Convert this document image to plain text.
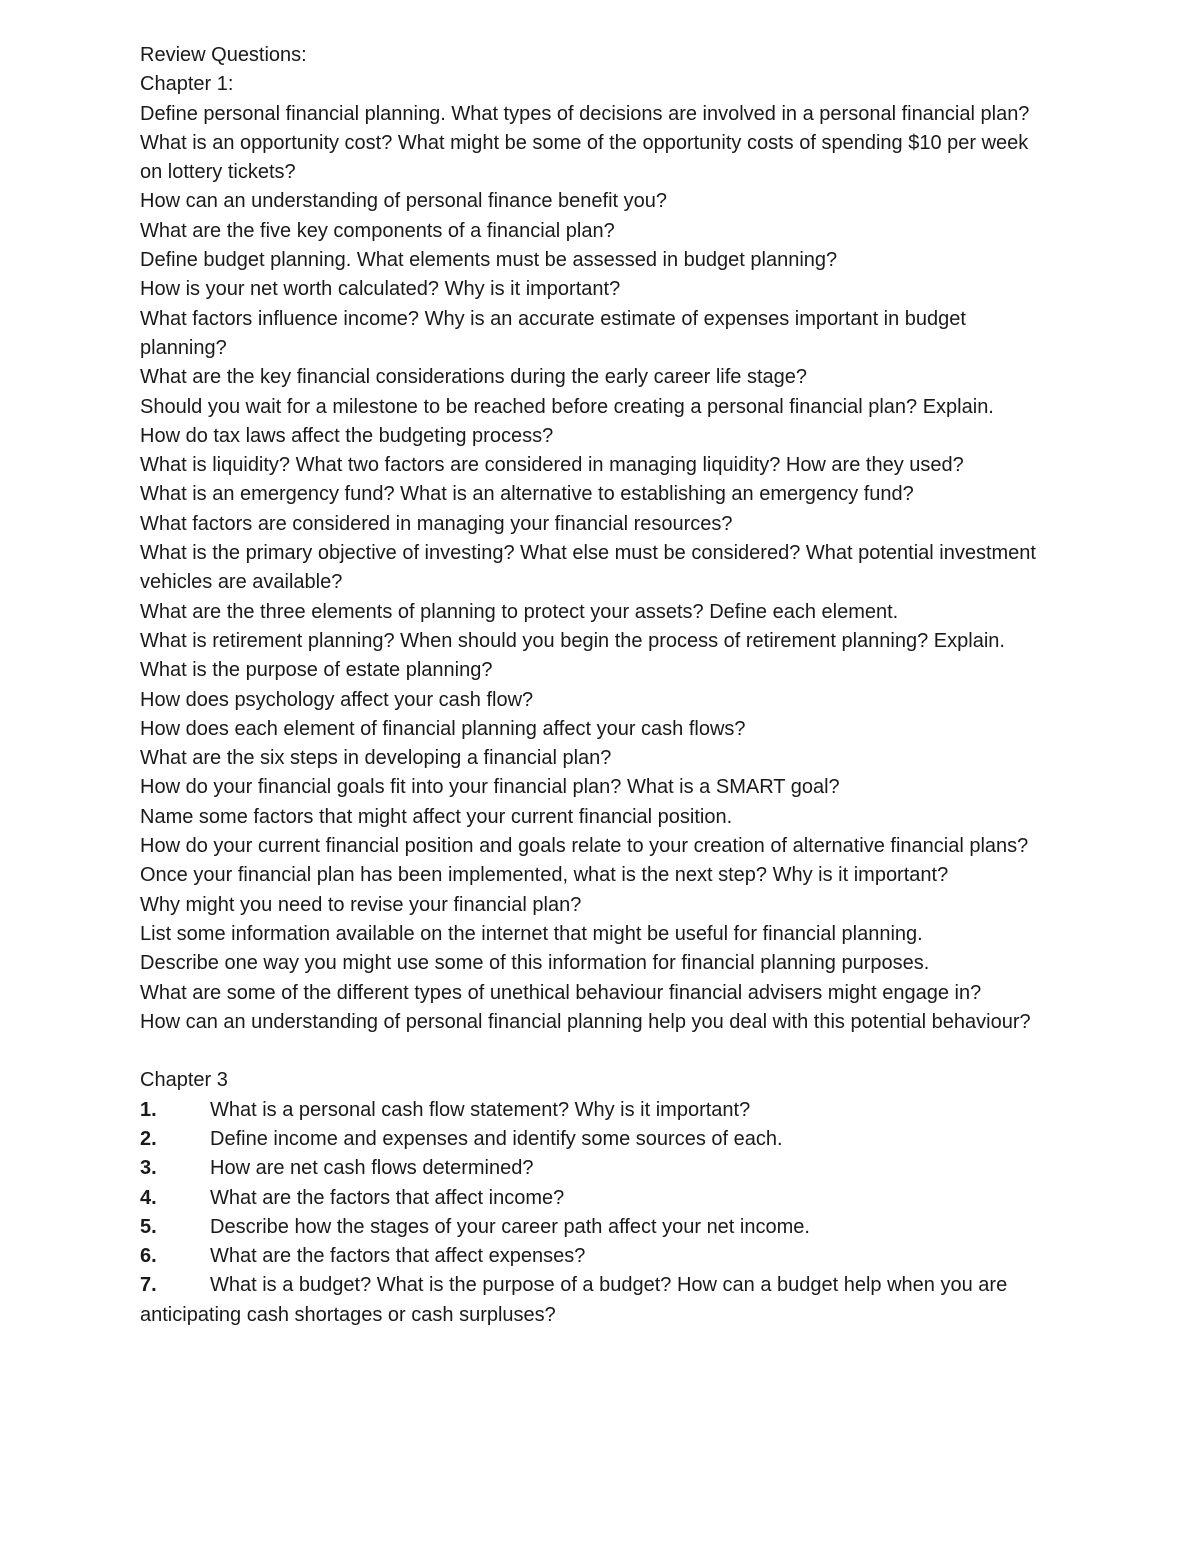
Review Questions:
Chapter 1:
Define personal financial planning. What types of decisions are involved in a personal financial plan?
What is an opportunity cost? What might be some of the opportunity costs of spending $10 per week on lottery tickets?
How can an understanding of personal finance benefit you?
What are the five key components of a financial plan?
Define budget planning. What elements must be assessed in budget planning?
How is your net worth calculated? Why is it important?
What factors influence income? Why is an accurate estimate of expenses important in budget planning?
What are the key financial considerations during the early career life stage?
Should you wait for a milestone to be reached before creating a personal financial plan? Explain.
How do tax laws affect the budgeting process?
What is liquidity? What two factors are considered in managing liquidity? How are they used?
What is an emergency fund? What is an alternative to establishing an emergency fund?
What factors are considered in managing your financial resources?
What is the primary objective of investing? What else must be considered? What potential investment vehicles are available?
What are the three elements of planning to protect your assets? Define each element.
What is retirement planning? When should you begin the process of retirement planning? Explain.
What is the purpose of estate planning?
How does psychology affect your cash flow?
How does each element of financial planning affect your cash flows?
What are the six steps in developing a financial plan?
How do your financial goals fit into your financial plan? What is a SMART goal?
Name some factors that might affect your current financial position.
How do your current financial position and goals relate to your creation of alternative financial plans?
Once your financial plan has been implemented, what is the next step? Why is it important?
Why might you need to revise your financial plan?
List some information available on the internet that might be useful for financial planning.
Describe one way you might use some of this information for financial planning purposes.
What are some of the different types of unethical behaviour financial advisers might engage in?
How can an understanding of personal financial planning help you deal with this potential behaviour?
Chapter 3
1.	What is a personal cash flow statement? Why is it important?
2.	Define income and expenses and identify some sources of each.
3.	How are net cash flows determined?
4.	What are the factors that affect income?
5.	Describe how the stages of your career path affect your net income.
6.	What are the factors that affect expenses?
7.	What is a budget? What is the purpose of a budget? How can a budget help when you are anticipating cash shortages or cash surpluses?
